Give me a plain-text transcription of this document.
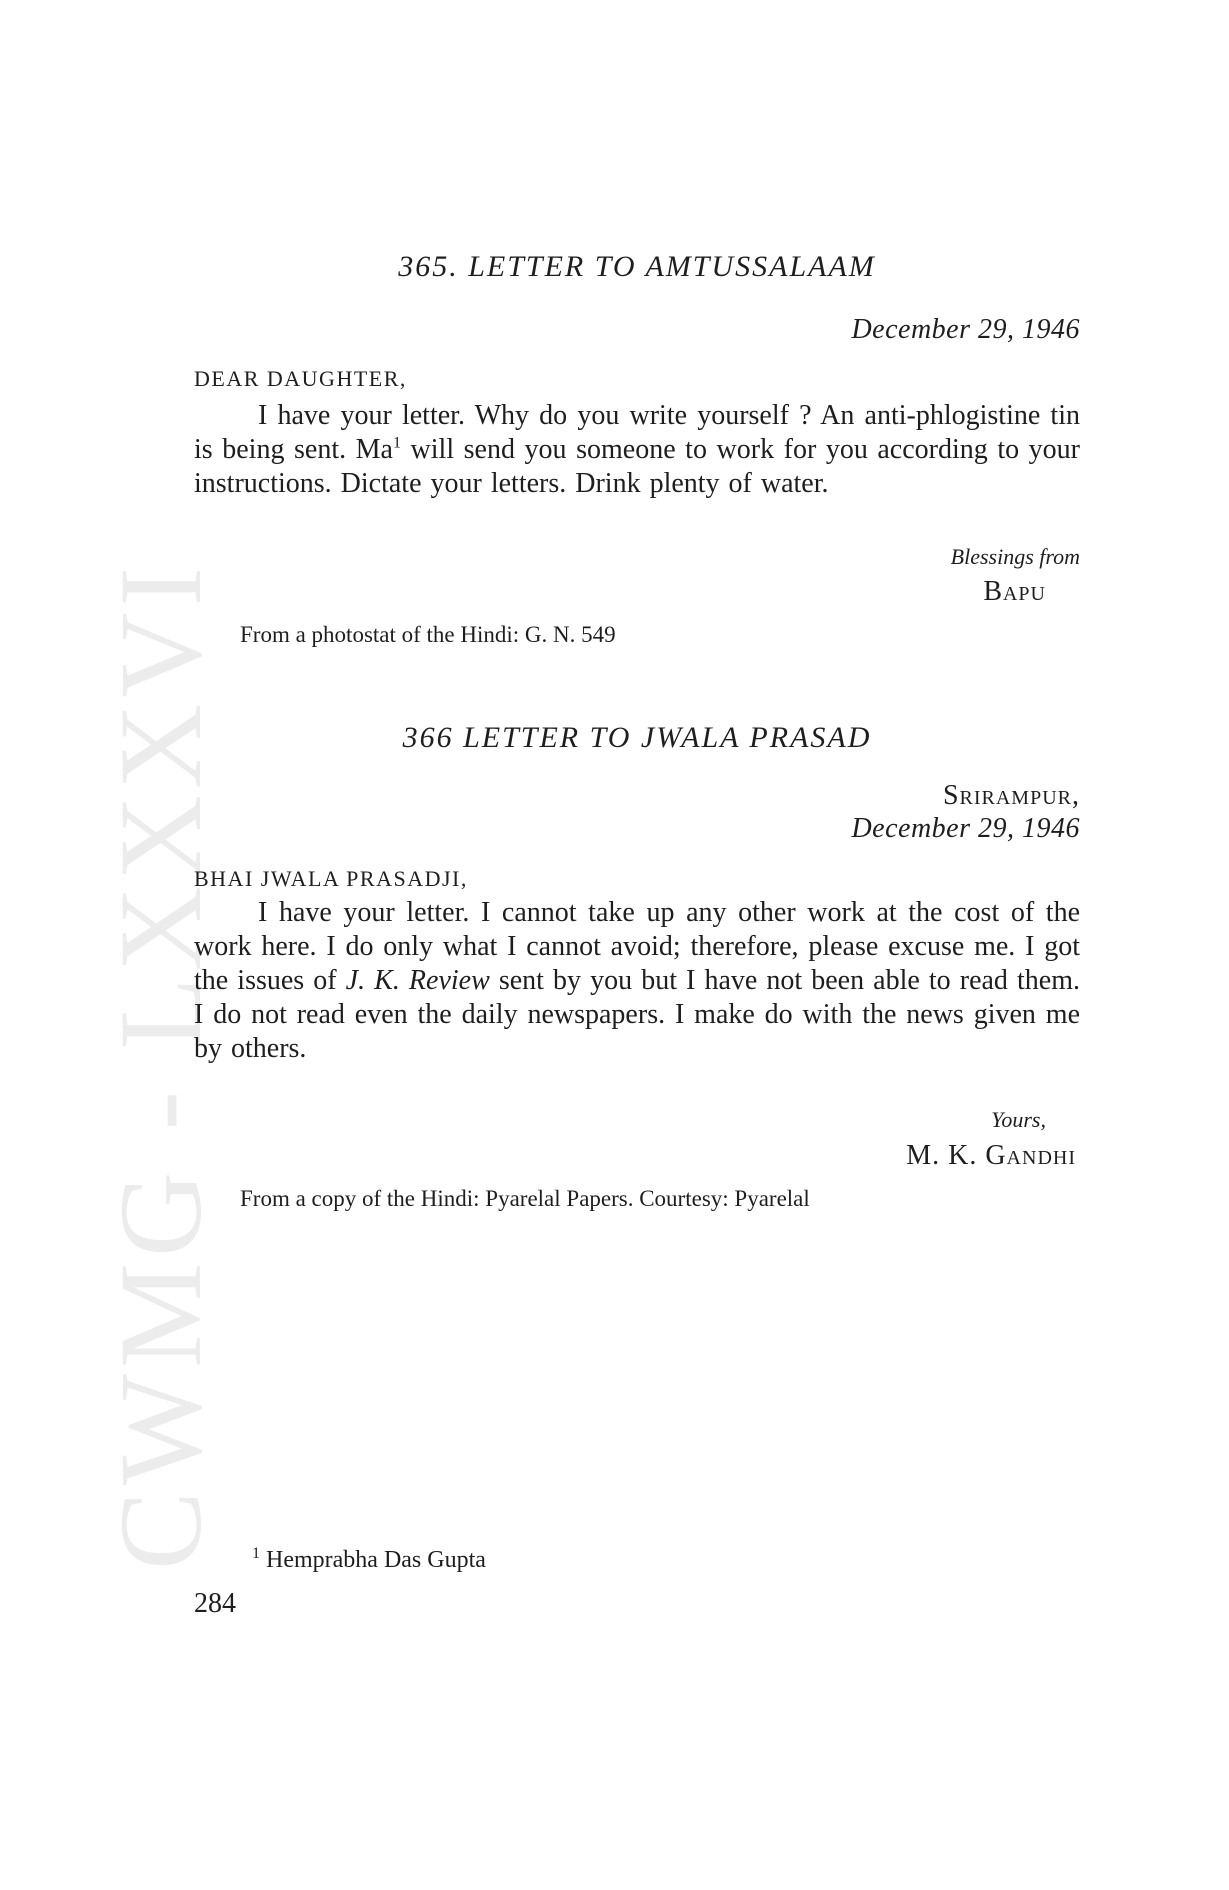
CWMG - LXXXVI
365. LETTER TO AMTUSSALAAM
December 29, 1946
DEAR DAUGHTER,
I have your letter. Why do you write yourself ? An anti-phlogistine tin is being sent. Ma$^1$ will send you someone to work for you according to your instructions. Dictate your letters. Drink plenty of water.
Blessings from
Bapu
From a photostat of the Hindi: G. N. 549
366 LETTER TO JWALA PRASAD
Srirampur,
December 29, 1946
BHAI JWALA PRASADJI,
I have your letter. I cannot take up any other work at the cost of the work here. I do only what I cannot avoid; therefore, please excuse me. I got the issues of J. K. Review sent by you but I have not been able to read them. I do not read even the daily newspapers. I make do with the news given me by others.
Yours,
M. K. Gandhi
From a copy of the Hindi: Pyarelal Papers. Courtesy: Pyarelal
$^1$ Hemprabha Das Gupta
284
